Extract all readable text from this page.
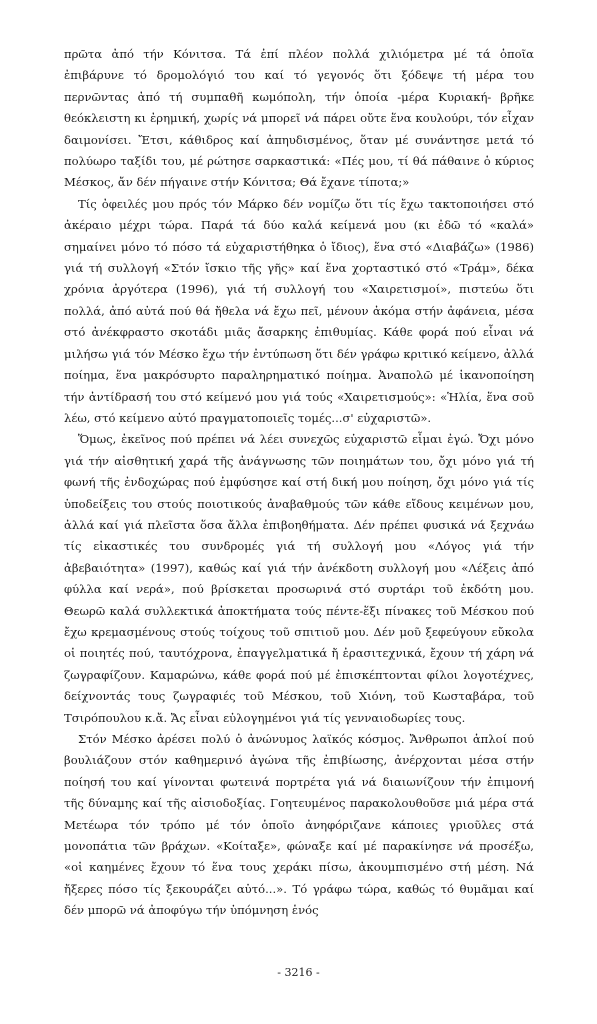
πρῶτα ἀπό τήν Κόνιτσα. Τά ἐπί πλέον πολλά χιλιόμετρα μέ τά ὁποῖα ἐπιβάρυνε τό δρομολόγιό του καί τό γεγονός ὅτι ξόδεψε τή μέρα του περνῶντας ἀπό τή συμπαθῆ κωμόπολη, τήν ὁποία -μέρα Κυριακή- βρῆκε θεόκλειστη κι ἐρημική, χωρίς νά μπορεῖ νά πάρει οὔτε ἕνα κουλούρι, τόν εἶχαν δαιμονίσει. Ἔτσι, κάθιδρος καί ἀπηυδισμένος, ὅταν μέ συνάντησε μετά τό πολύωρο ταξίδι του, μέ ρώτησε σαρκαστικά: «Πές μου, τί θά πάθαινε ὁ κύριος Μέσκος, ἄν δέν πήγαινε στήν Κόνιτσα; Θά ἔχανε τίποτα;»

Τίς ὀφειλές μου πρός τόν Μάρκο δέν νομίζω ὅτι τίς ἔχω τακτοποιήσει στό ἀκέραιο μέχρι τώρα. Παρά τά δύο καλά κείμενά μου (κι ἐδῶ τό «καλά» σημαίνει μόνο τό πόσο τά εὐχαριστήθηκα ὁ ἴδιος), ἕνα στό «Διαβάζω» (1986) γιά τή συλλογή «Στόν ἴσκιο τῆς γῆς» καί ἕνα χορταστικό στό «Τράμ», δέκα χρόνια ἀργότερα (1996), γιά τή συλλογή του «Χαιρετισμοί», πιστεύω ὅτι πολλά, ἀπό αὐτά πού θά ἤθελα νά ἔχω πεῖ, μένουν ἀκόμα στήν ἀφάνεια, μέσα στό ἀνέκφραστο σκοτάδι μιᾶς ἄσαρκης ἐπιθυμίας. Κάθε φορά πού εἶναι νά μιλήσω γιά τόν Μέσκο ἔχω τήν ἐντύπωση ὅτι δέν γράφω κριτικό κείμενο, ἀλλά ποίημα, ἕνα μακρόσυρτο παραληρηματικό ποίημα. Ἀναπολῶ μέ ἱκανοποίηση τήν ἀντίδρασή του στό κείμενό μου γιά τούς «Χαιρετισμούς»: «Ἡλία, ἕνα σοῦ λέω, στό κείμενο αὐτό πραγματοποιεῖς τομές...σ' εὐχαριστῶ».

Ὅμως, ἐκεῖνος πού πρέπει νά λέει συνεχῶς εὐχαριστῶ εἶμαι ἐγώ. Ὄχι μόνο γιά τήν αἰσθητική χαρά τῆς ἀνάγνωσης τῶν ποιημάτων του, ὄχι μόνο γιά τή φωνή τῆς ἐνδοχώρας πού ἐμφύσησε καί στή δική μου ποίηση, ὄχι μόνο γιά τίς ὑποδείξεις του στούς ποιοτικούς ἀναβαθμούς τῶν κάθε εἴδους κειμένων μου, ἀλλά καί γιά πλεῖστα ὅσα ἄλλα ἐπιβοηθήματα. Δέν πρέπει φυσικά νά ξεχνάω τίς εἰκαστικές του συνδρομές γιά τή συλλογή μου «Λόγος γιά τήν ἀβεβαιότητα» (1997), καθώς καί γιά τήν ἀνέκδοτη συλλογή μου «Λέξεις ἀπό φύλλα καί νερά», πού βρίσκεται προσωρινά στό συρτάρι τοῦ ἐκδότη μου. Θεωρῶ καλά συλλεκτικά ἀποκτήματα τούς πέντε-ἕξι πίνακες τοῦ Μέσκου πού ἔχω κρεμασμένους στούς τοίχους τοῦ σπιτιοῦ μου. Δέν μοῦ ξεφεύγουν εὔκολα οἱ ποιητές πού, ταυτόχρονα, ἐπαγγελματικά ἤ ἐρασιτεχνικά, ἔχουν τή χάρη νά ζωγραφίζουν. Καμαρώνω, κάθε φορά πού μέ ἐπισκέπτονται φίλοι λογοτέχνες, δείχνοντάς τους ζωγραφιές τοῦ Μέσκου, τοῦ Χιόνη, τοῦ Κωσταβάρα, τοῦ Τσιρόπουλου κ.ἄ. Ἄς εἶναι εὐλογημένοι γιά τίς γενναιοδωρίες τους.

Στόν Μέσκο ἀρέσει πολύ ὁ ἀνώνυμος λαϊκός κόσμος. Ἄνθρωποι ἁπλοί πού βουλιάζουν στόν καθημερινό ἀγώνα τῆς ἐπιβίωσης, ἀνέρχονται μέσα στήν ποίησή του καί γίνονται φωτεινά πορτρέτα γιά νά διαιωνίζουν τήν ἐπιμονή τῆς δύναμης καί τῆς αἰσιοδοξίας. Γοητευμένος παρακολουθοῦσε μιά μέρα στά Μετέωρα τόν τρόπο μέ τόν ὁποῖο ἀνηφόριζανε κάποιες γριοῦλες στά μονοπάτια τῶν βράχων. «Κοίταξε», φώναξε καί μέ παρακίνησε νά προσέξω, «οἱ καημένες ἔχουν τό ἕνα τους χεράκι πίσω, ἀκουμπισμένο στή μέση. Νά ἤξερες πόσο τίς ξεκουράζει αὐτό...». Τό γράφω τώρα, καθώς τό θυμᾶμαι καί δέν μπορῶ νά ἀποφύγω τήν ὑπόμνηση ἑνός

- 3216 -
